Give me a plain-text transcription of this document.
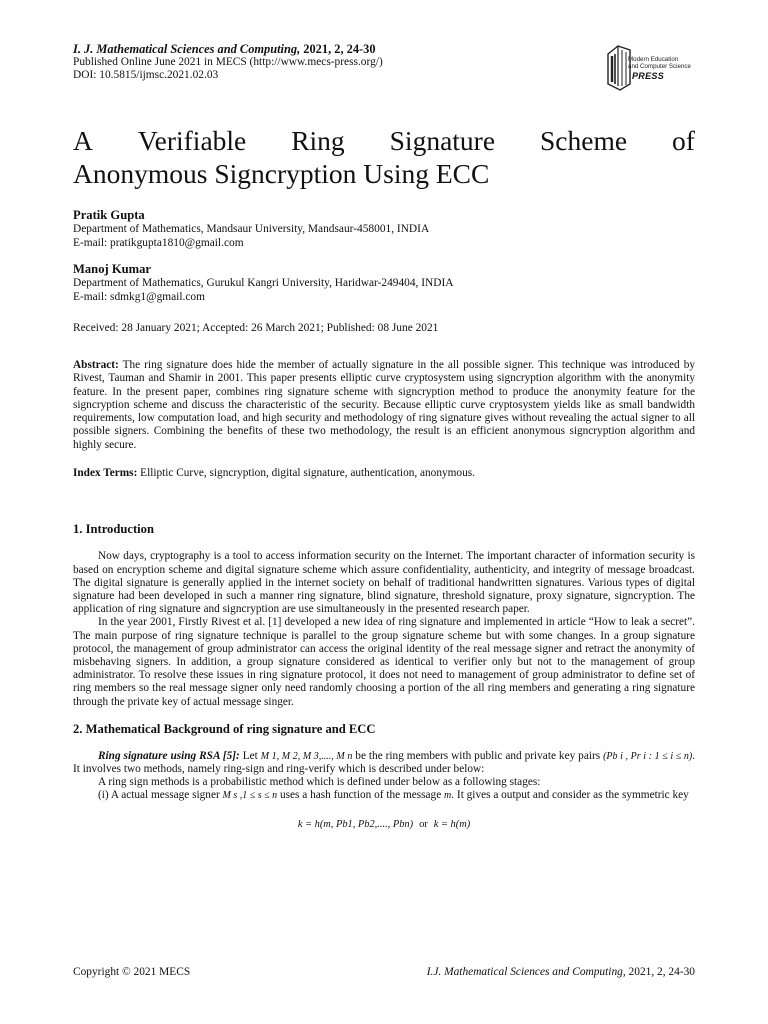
Modern Education
and Computer Science
PRESS
I. J. Mathematical Sciences and Computing, 2021, 2, 24-30
Published Online June 2021 in MECS (http://www.mecs-press.org/)
DOI: 10.5815/ijmsc.2021.02.03
A Verifiable Ring Signature Scheme of
Anonymous Signcryption Using ECC
Pratik Gupta
Department of Mathematics, Mandsaur University, Mandsaur-458001, INDIA
E-mail: pratikgupta1810@gmail.com
Manoj Kumar
Department of Mathematics, Gurukul Kangri University, Haridwar-249404, INDIA
E-mail: sdmkg1@gmail.com
Received: 28 January 2021; Accepted: 26 March 2021; Published: 08 June 2021
Abstract: The ring signature does hide the member of actually signature in the all possible signer. This technique was introduced by Rivest, Tauman and Shamir in 2001. This paper presents elliptic curve cryptosystem using signcryption algorithm with the anonymity feature. In the present paper, combines ring signature scheme with signcryption method to produce the anonymity feature for the signcryption scheme and discuss the characteristic of the security. Because elliptic curve cryptosystem yields like as small bandwidth requirements, low computation load, and high security and methodology of ring signature gives without revealing the actual signer to all possible signers. Combining the benefits of these two methodology, the result is an efficient anonymous signcryption algorithm and highly secure.
Index Terms: Elliptic Curve, signcryption, digital signature, authentication, anonymous.
1. Introduction

Now days, cryptography is a tool to access information security on the Internet. The important character of information security is based on encryption scheme and digital signature scheme which assure confidentiality, authenticity, and integrity of message broadcast. The digital signature is generally applied in the internet society on behalf of traditional handwritten signatures. Various types of digital signature had been developed in such a manner ring signature, blind signature, threshold signature, proxy signature, signcryption. The application of ring signature and signcryption are use simultaneously in the presented research paper.

In the year 2001, Firstly Rivest et al. [1] developed a new idea of ring signature and implemented in article “How to leak a secret”. The main purpose of ring signature technique is parallel to the group signature scheme but with some changes. In a group signature protocol, the management of group administrator can access the original identity of the real message signer and retract the anonymity of misbehaving signers. In addition, a group signature considered as identical to verifier only but not to the management of group administrator. To resolve these issues in ring signature protocol, it does not need to management of group administrator to define set of ring members so the real message signer only need randomly choosing a portion of the all ring members and generating a ring signature through the private key of actual message singer.

2. Mathematical Background of ring signature and ECC

Ring signature using RSA [5]: Let M 1, M 2, M 3,...., M n be the ring members with public and private key pairs (Pb i , Pr i : 1 ≤ i ≤ n). It involves two methods, namely ring-sign and ring-verify which is described under below:

A ring sign methods is a probabilistic method which is defined under below as a following stages:

(i) A actual message signer M s ,1 ≤ s ≤ n uses a hash function of the message m. It gives a output and consider as the symmetric key

k = h(m, Pb1, Pb2,...., Pbn) or k = h(m)
Copyright © 2021 MECS	I.J. Mathematical Sciences and Computing, 2021, 2, 24-30
